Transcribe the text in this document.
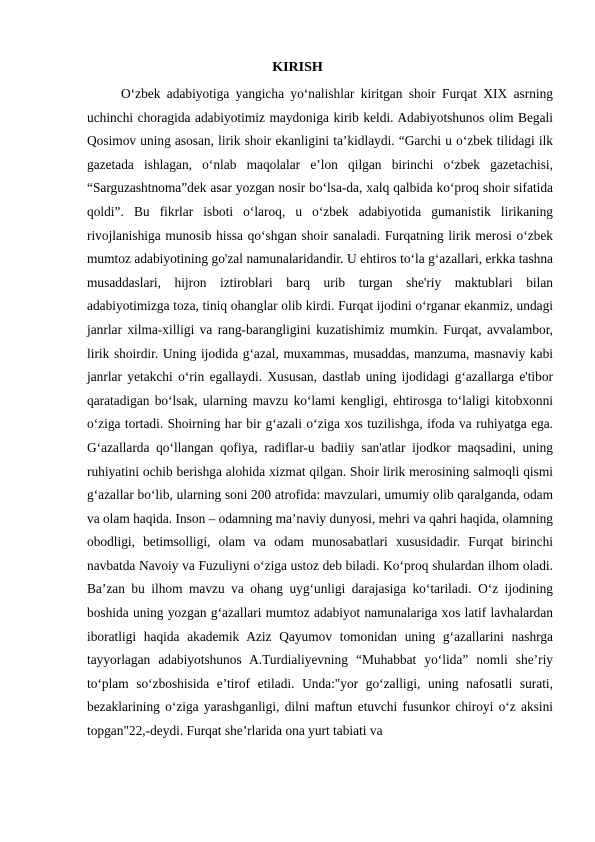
KIRISH

O‘zbek adabiyotiga yangicha yo‘nalishlar kiritgan shoir Furqat XIX asrning uchinchi choragida adabiyotimiz maydoniga kirib keldi. Adabiyotshunos olim Begali Qosimov uning asosan, lirik shoir ekanligini ta’kidlaydi. “Garchi u o‘zbek tilidagi ilk gazetada ishlagan, o‘nlab maqolalar e’lon qilgan birinchi o‘zbek gazetachisi, “Sarguzashtnoma”dek asar yozgan nosir bo‘lsa-da, xalq qalbida ko‘proq shoir sifatida qoldi”. Bu fikrlar isboti o‘laroq, u o‘zbek adabiyotida gumanistik lirikaning rivojlanishiga munosib hissa qo‘shgan shoir sanaladi. Furqatning lirik merosi o‘zbek mumtoz adabiyotining go'zal namunalaridandir. U ehtiros to‘la g‘azallari, erkka tashna musaddaslari, hijron iztiroblari barq urib turgan she'riy maktublari bilan adabiyotimizga toza, tiniq ohanglar olib kirdi. Furqat ijodini o‘rganar ekanmiz, undagi janrlar xilma-xilligi va rang-barangligini kuzatishimiz mumkin. Furqat, avvalambor, lirik shoirdir. Uning ijodida g‘azal, muxammas, musaddas, manzuma, masnaviy kabi janrlar yetakchi o‘rin egallaydi. Xususan, dastlab uning ijodidagi g‘azallarga e'tibor qaratadigan bo‘lsak, ularning mavzu ko‘lami kengligi, ehtirosga to‘laligi kitobxonni o‘ziga tortadi. Shoirning har bir g‘azali o‘ziga xos tuzilishga, ifoda va ruhiyatga ega. G‘azallarda qo‘llangan qofiya, radiflar-u badiiy san'atlar ijodkor maqsadini, uning ruhiyatini ochib berishga alohida xizmat qilgan. Shoir lirik merosining salmoqli qismi g‘azallar bo‘lib, ularning soni 200 atrofida: mavzulari, umumiy olib qaralganda, odam va olam haqida. Inson – odamning ma’naviy dunyosi, mehri va qahri haqida, olamning obodligi, betimsolligi, olam va odam munosabatlari xususidadir. Furqat birinchi navbatda Navoiy va Fuzuliyni o‘ziga ustoz deb biladi. Ko‘proq shulardan ilhom oladi. Ba’zan bu ilhom mavzu va ohang uyg‘unligi darajasiga ko‘tariladi. O‘z ijodining boshida uning yozgan g‘azallari mumtoz adabiyot namunalariga xos latif lavhalardan iboratligi haqida akademik Aziz Qayumov tomonidan uning g‘azallarini nashrga tayyorlagan adabiyotshunos A.Turdialiyevning “Muhabbat yo‘lida” nomli she’riy to‘plam so‘zboshisida e’tirof etiladi. Unda:"yor go‘zalligi, uning nafosatli surati, bezaklarining o‘ziga yarashganligi, dilni maftun etuvchi fusunkor chiroyi o‘z aksini topgan"22,-deydi. Furqat she’rlarida ona yurt tabiati va
